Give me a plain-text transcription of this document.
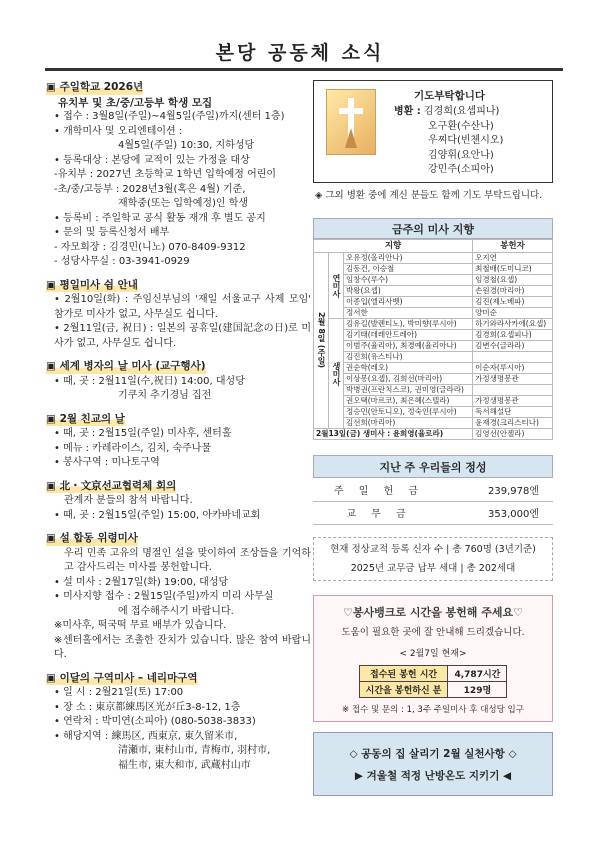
본당 공동체 소식
▣ 주일학교 2026년
유치부 및 초/중/고등부 학생 모집
• 접수 : 3월8일(주일)~4월5일(주일)까지(센터 1층)
• 개학미사 및 오리엔테이션 :
4월5일(주일) 10:30, 지하성당
• 등록대상 : 본당에 교적이 있는 가정을 대상
-유치부 : 2027년 초등학교 1학년 입학예정 어린이
-초/중/고등부 : 2028년3월(혹은 4월) 기준,
재학중(또는 입학예정)인 학생
• 등록비 : 주일학교 공식 활동 재개 후 별도 공지
• 문의 및 등록신청서 배부
- 자모회장 : 김경민(니노) 070-8409-9312
- 성당사무실 : 03-3941-0929
▣ 평일미사 쉼 안내
• 2월10일(화) : 주임신부님의 '재일 서울교구 사제 모임' 참가로 미사가 없고, 사무실도 쉽니다.
• 2월11일(금, 祝日) : 일본의 공휴일(建国記念の日)로 미사가 없고, 사무실도 쉽니다.
▣ 세계 병자의 날 미사 (교구행사)
• 때, 곳 : 2월11일(수,祝日) 14:00, 대성당
기쿠치 추기경님 집전
▣ 2월 친교의 날
• 때, 곳 : 2월15일(주일) 미사후, 센터홀
• 메뉴 : 카레라이스, 김치, 숙주나물
• 봉사구역 : 미나토구역
▣ 北・文京선교협력체 회의
관계자 분들의 참석 바랍니다.
• 때, 곳 : 2월15일(주일) 15:00, 아카바네교회
▣ 설 합동 위령미사
우리 민족 고유의 명절인 설을 맞이하여 조상들을 기억하고 감사드리는 미사를 봉헌합니다.
• 설 미사 : 2월17일(화) 19:00, 대성당
• 미사지향 접수 : 2월15일(주일)까지 미리 사무실
에 접수해주시기 바랍니다.
※미사후, 떡국떡 무료 배부가 있습니다.
※센터홀에서는 조촐한 잔치가 있습니다. 많은 참여 바랍니다.
▣ 이달의 구역미사 – 네리마구역
• 일 시 : 2월21일(토) 17:00
• 장 소 : 東京都練馬区光が丘3-8-12, 1층
• 연락처 : 박미연(소피아) (080-5038-3833)
• 해당지역 : 練馬区, 西東京, 東久留米市,
清瀬市, 東村山市, 青梅市, 羽村市,
福生市, 東大和市, 武蔵村山市
기도부탁합니다
병환 : 김경희(요셉피나)
오구환(수산나)
우찌다(빈첸시오)
김양휘(요안나)
강민주(소피아)
◈ 그외 병환 중에 계신 분들도 함께 기도 부탁드립니다.
금주의 미사 지향
지향			봉헌자

2월 8일 (주일)	연미사	오유정(올리안나)	오지연
		김동건, 이승철	최철배(도미니코)
		임창수(루수)	임경철(요셉)
		박왕(요셉)	손원경(마리아)
		이종입(엘리사벳)	김진(제노베파)
		정서한	양미순

	생미사	김유길(발렌티노), 박미향(루시아)	하기와라사카에(요셉)
		김기태(데레안드레아)	김경희(요셉피나)
		이범주(율리아), 최경예(율리아나)	김변수(글라라)
		김진희(유스티나)	
		권순학(레오)	이순자(루시아)
		이상봉(요셉), 김희선(마리아)	가정생명봉관
		박병권(프란치스코), 권미영(글라라)	
		권오택(마르코), 최은혜(스텔라)	가정생명봉관
		정승민(안토니오), 정숙인(루시아)	독서해설단
		김선희(마리아)	윤재경(크리스티나)
2월13일(금) 생미사 : 윤희영(율로라)			김영선(안젤라)
지난 주 우리들의 정성
주 일 헌 금	239,978엔
교 무 금	353,000엔
현재 정상교적 등록 신자 수 | 총 760명 (3년기준)
2025년 교무금 납부 세대 | 총 202세대
♡봉사뱅크로 시간을 봉헌해 주세요♡
도움이 필요한 곳에 잘 안내해 드리겠습니다.
< 2월7일 현재>
접수된 봉헌 시간	4,787시간
시간을 봉헌하신 분	129명
※ 접수 및 문의 : 1, 3주 주일미사 후 대성당 입구
◇ 공동의 집 살리기 2월 실천사항 ◇
▶ 겨울철 적정 난방온도 지키기 ◀
